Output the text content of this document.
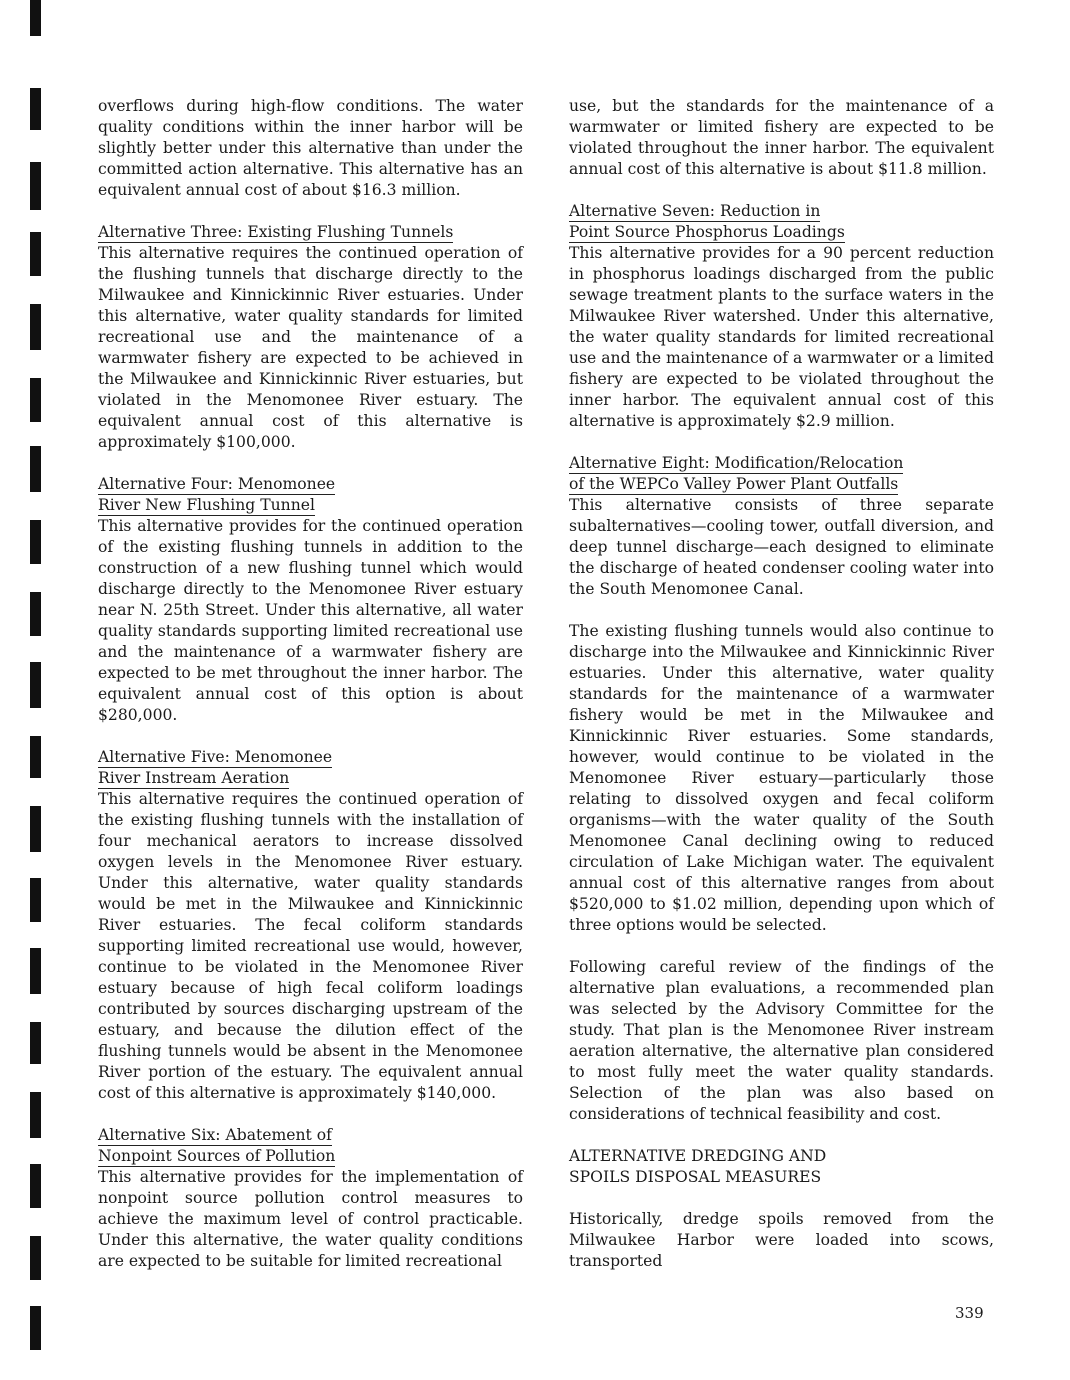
overflows during high-flow conditions. The water quality conditions within the inner harbor will be slightly better under this alternative than under the committed action alternative. This alternative has an equivalent annual cost of about $16.3 million.

Alternative Three: Existing Flushing Tunnels

This alternative requires the continued operation of the flushing tunnels that discharge directly to the Milwaukee and Kinnickinnic River estuaries. Under this alternative, water quality standards for limited recreational use and the maintenance of a warmwater fishery are expected to be achieved in the Milwaukee and Kinnickinnic River estuaries, but violated in the Menomonee River estuary. The equivalent annual cost of this alternative is approximately $100,000.

Alternative Four: Menomonee
River New Flushing Tunnel

This alternative provides for the continued operation of the existing flushing tunnels in addition to the construction of a new flushing tunnel which would discharge directly to the Menomonee River estuary near N. 25th Street. Under this alternative, all water quality standards supporting limited recreational use and the maintenance of a warmwater fishery are expected to be met throughout the inner harbor. The equivalent annual cost of this option is about $280,000.

Alternative Five: Menomonee
River Instream Aeration

This alternative requires the continued operation of the existing flushing tunnels with the installation of four mechanical aerators to increase dissolved oxygen levels in the Menomonee River estuary. Under this alternative, water quality standards would be met in the Milwaukee and Kinnickinnic River estuaries. The fecal coliform standards supporting limited recreational use would, however, continue to be violated in the Menomonee River estuary because of high fecal coliform loadings contributed by sources discharging upstream of the estuary, and because the dilution effect of the flushing tunnels would be absent in the Menomonee River portion of the estuary. The equivalent annual cost of this alternative is approximately $140,000.

Alternative Six: Abatement of
Nonpoint Sources of Pollution

This alternative provides for the implementation of nonpoint source pollution control measures to achieve the maximum level of control practicable. Under this alternative, the water quality conditions are expected to be suitable for limited recreational

use, but the standards for the maintenance of a warmwater or limited fishery are expected to be violated throughout the inner harbor. The equivalent annual cost of this alternative is about $11.8 million.

Alternative Seven: Reduction in
Point Source Phosphorus Loadings

This alternative provides for a 90 percent reduction in phosphorus loadings discharged from the public sewage treatment plants to the surface waters in the Milwaukee River watershed. Under this alternative, the water quality standards for limited recreational use and the maintenance of a warmwater or a limited fishery are expected to be violated throughout the inner harbor. The equivalent annual cost of this alternative is approximately $2.9 million.

Alternative Eight: Modification/Relocation
of the WEPCo Valley Power Plant Outfalls

This alternative consists of three separate subalternatives—cooling tower, outfall diversion, and deep tunnel discharge—each designed to eliminate the discharge of heated condenser cooling water into the South Menomonee Canal.

The existing flushing tunnels would also continue to discharge into the Milwaukee and Kinnickinnic River estuaries. Under this alternative, water quality standards for the maintenance of a warmwater fishery would be met in the Milwaukee and Kinnickinnic River estuaries. Some standards, however, would continue to be violated in the Menomonee River estuary—particularly those relating to dissolved oxygen and fecal coliform organisms—with the water quality of the South Menomonee Canal declining owing to reduced circulation of Lake Michigan water. The equivalent annual cost of this alternative ranges from about $520,000 to $1.02 million, depending upon which of three options would be selected.

Following careful review of the findings of the alternative plan evaluations, a recommended plan was selected by the Advisory Committee for the study. That plan is the Menomonee River instream aeration alternative, the alternative plan considered to most fully meet the water quality standards. Selection of the plan was also based on considerations of technical feasibility and cost.

ALTERNATIVE DREDGING AND
SPOILS DISPOSAL MEASURES

Historically, dredge spoils removed from the Milwaukee Harbor were loaded into scows, transported

339
